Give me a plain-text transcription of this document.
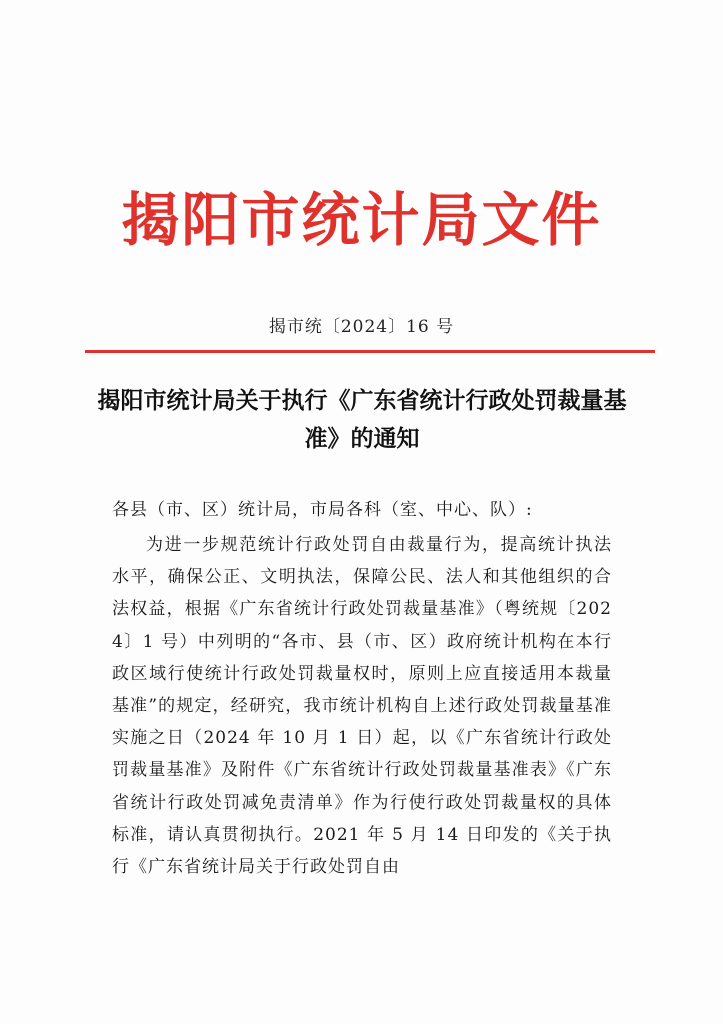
揭阳市统计局文件
揭市统〔2024〕16 号
揭阳市统计局关于执行《广东省统计行政处罚裁量基准》的通知
各县（市、区）统计局，市局各科（室、中心、队）:
为进一步规范统计行政处罚自由裁量行为，提高统计执法水平，确保公正、文明执法，保障公民、法人和其他组织的合法权益，根据《广东省统计行政处罚裁量基准》（粤统规〔2024〕1 号）中列明的“各市、县（市、区）政府统计机构在本行政区域行使统计行政处罚裁量权时，原则上应直接适用本裁量基准”的规定，经研究，我市统计机构自上述行政处罚裁量基准实施之日（2024 年 10 月 1 日）起，以《广东省统计行政处罚裁量基准》及附件《广东省统计行政处罚裁量基准表》《广东省统计行政处罚减免责清单》作为行使行政处罚裁量权的具体标准，请认真贯彻执行。2021 年 5 月 14 日印发的《关于执行《广东省统计局关于行政处罚自由
